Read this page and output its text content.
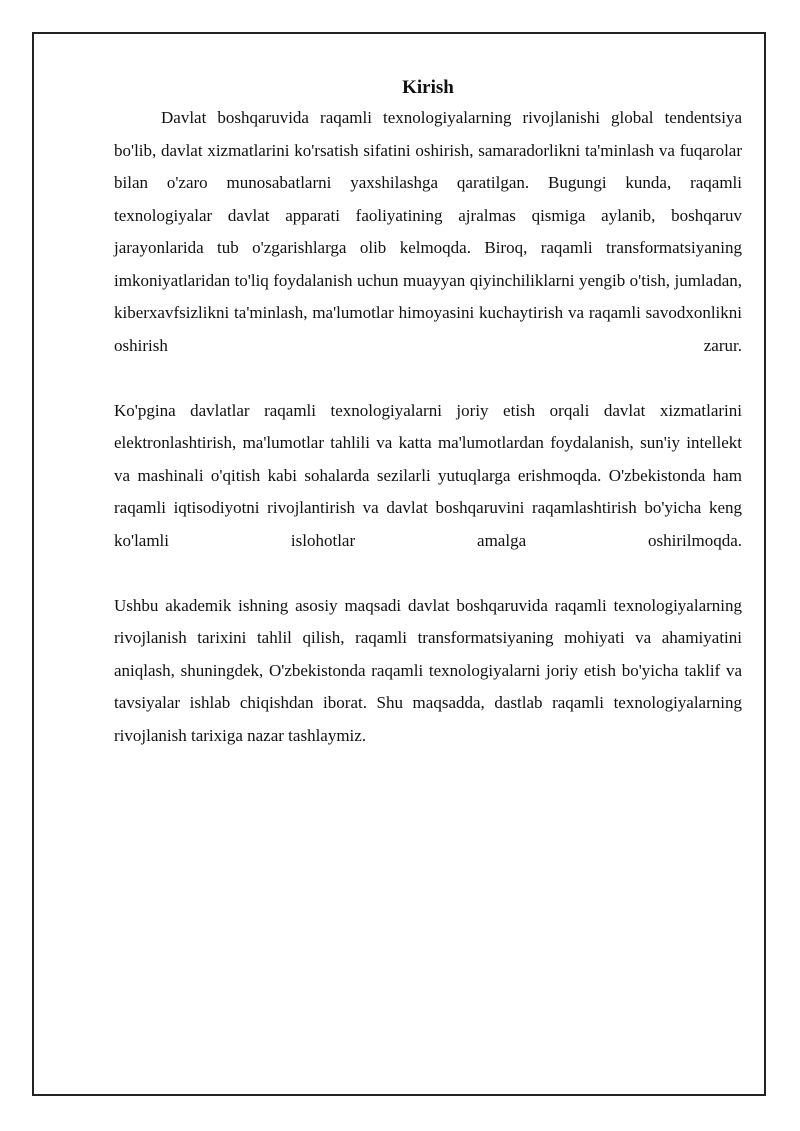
Kirish

Davlat boshqaruvida raqamli texnologiyalarning rivojlanishi global tendentsiya bo'lib, davlat xizmatlarini ko'rsatish sifatini oshirish, samaradorlikni ta'minlash va fuqarolar bilan o'zaro munosabatlarni yaxshilashga qaratilgan. Bugungi kunda, raqamli texnologiyalar davlat apparati faoliyatining ajralmas qismiga aylanib, boshqaruv jarayonlarida tub o'zgarishlarga olib kelmoqda. Biroq, raqamli transformatsiyaning imkoniyatlaridan to'liq foydalanish uchun muayyan qiyinchiliklarni yengib o'tish, jumladan, kiberxavfsizlikni ta'minlash, ma'lumotlar himoyasini kuchaytirish va raqamli savodxonlikni oshirish zarur.

Ko'pgina davlatlar raqamli texnologiyalarni joriy etish orqali davlat xizmatlarini elektronlashtirish, ma'lumotlar tahlili va katta ma'lumotlardan foydalanish, sun'iy intellekt va mashinali o'qitish kabi sohalarda sezilarli yutuqlarga erishmoqda. O'zbekistonda ham raqamli iqtisodiyotni rivojlantirish va davlat boshqaruvini raqamlashtirish bo'yicha keng ko'lamli islohotlar amalga oshirilmoqda.

Ushbu akademik ishning asosiy maqsadi davlat boshqaruvida raqamli texnologiyalarning rivojlanish tarixini tahlil qilish, raqamli transformatsiyaning mohiyati va ahamiyatini aniqlash, shuningdek, O'zbekistonda raqamli texnologiyalarni joriy etish bo'yicha taklif va tavsiyalar ishlab chiqishdan iborat. Shu maqsadda, dastlab raqamli texnologiyalarning rivojlanish tarixiga nazar tashlaymiz.
